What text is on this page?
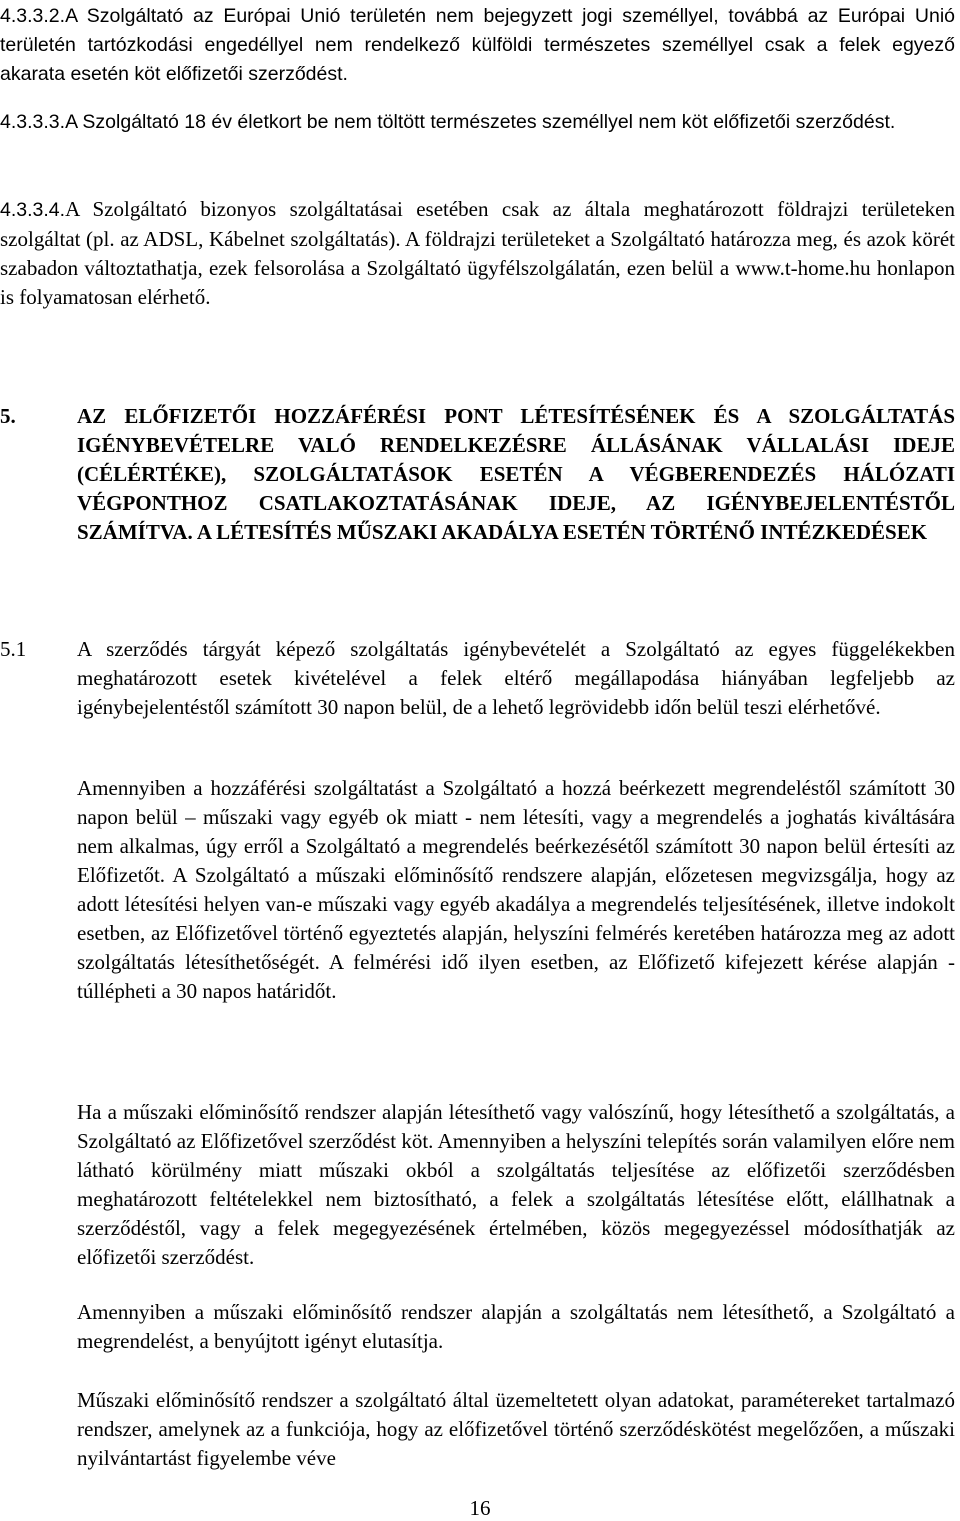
4.3.3.2.A Szolgáltató az Európai Unió területén nem bejegyzett jogi személlyel, továbbá az Európai Unió területén tartózkodási engedéllyel nem rendelkező külföldi természetes személlyel csak a felek egyező akarata esetén köt előfizetői szerződést.
4.3.3.3.A Szolgáltató 18 év életkort be nem töltött természetes személlyel nem köt előfizetői szerződést.
4.3.3.4.A Szolgáltató bizonyos szolgáltatásai esetében csak az általa meghatározott földrajzi területeken szolgáltat (pl. az ADSL, Kábelnet szolgáltatás). A földrajzi területeket a Szolgáltató határozza meg, és azok körét szabadon változtathatja, ezek felsorolása a Szolgáltató ügyfélszolgálatán, ezen belül a www.t-home.hu honlapon is folyamatosan elérhető.
5.	AZ ELŐFIZETŐI HOZZÁFÉRÉSI PONT LÉTESÍTÉSÉNEK ÉS A SZOLGÁLTATÁS IGÉNYBEVÉTELRE VALÓ RENDELKEZÉSRE ÁLLÁSÁNAK VÁLLALÁSI IDEJE (CÉLÉRTÉKE), SZOLGÁLTATÁSOK ESETÉN A VÉGBERENDEZÉS HÁLÓZATI VÉGPONTHOZ CSATLAKOZTATÁSÁNAK IDEJE, AZ IGÉNYBEJELENTÉSTŐL SZÁMÍTVA. A LÉTESÍTÉS MŰSZAKI AKADÁLYA ESETÉN TÖRTÉNŐ INTÉZKEDÉSEK
5.1 A szerződés tárgyát képező szolgáltatás igénybevételét a Szolgáltató az egyes függelékekben meghatározott esetek kivételével a felek eltérő megállapodása hiányában legfeljebb az igénybejelentéstől számított 30 napon belül, de a lehető legrövidebb időn belül teszi elérhetővé.
Amennyiben a hozzáférési szolgáltatást a Szolgáltató a hozzá beérkezett megrendeléstől számított 30 napon belül – műszaki vagy egyéb ok miatt - nem létesíti, vagy a megrendelés a joghatás kiváltására nem alkalmas, úgy erről a Szolgáltató a megrendelés beérkezésétől számított 30 napon belül értesíti az Előfizetőt. A Szolgáltató a műszaki előminősítő rendszere alapján, előzetesen megvizsgálja, hogy az adott létesítési helyen van-e műszaki vagy egyéb akadálya a megrendelés teljesítésének, illetve indokolt esetben, az Előfizetővel történő egyeztetés alapján, helyszíni felmérés keretében határozza meg az adott szolgáltatás létesíthetőségét. A felmérési idő ilyen esetben, az Előfizető kifejezett kérése alapján - túllépheti a 30 napos határidőt.
Ha a műszaki előminősítő rendszer alapján létesíthető vagy valószínű, hogy létesíthető a szolgáltatás, a Szolgáltató az Előfizetővel szerződést köt. Amennyiben a helyszíni telepítés során valamilyen előre nem látható körülmény miatt műszaki okból a szolgáltatás teljesítése az előfizetői szerződésben meghatározott feltételekkel nem biztosítható, a felek a szolgáltatás létesítése előtt, elállhatnak a szerződéstől, vagy a felek megegyezésének értelmében, közös megegyezéssel módosíthatják az előfizetői szerződést.
Amennyiben a műszaki előminősítő rendszer alapján a szolgáltatás nem létesíthető, a Szolgáltató a megrendelést, a benyújtott igényt elutasítja.
Műszaki előminősítő rendszer a szolgáltató által üzemeltetett olyan adatokat, paramétereket tartalmazó rendszer, amelynek az a funkciója, hogy az előfizetővel történő szerződéskötést megelőzően, a műszaki nyilvántartást figyelembe véve
16
